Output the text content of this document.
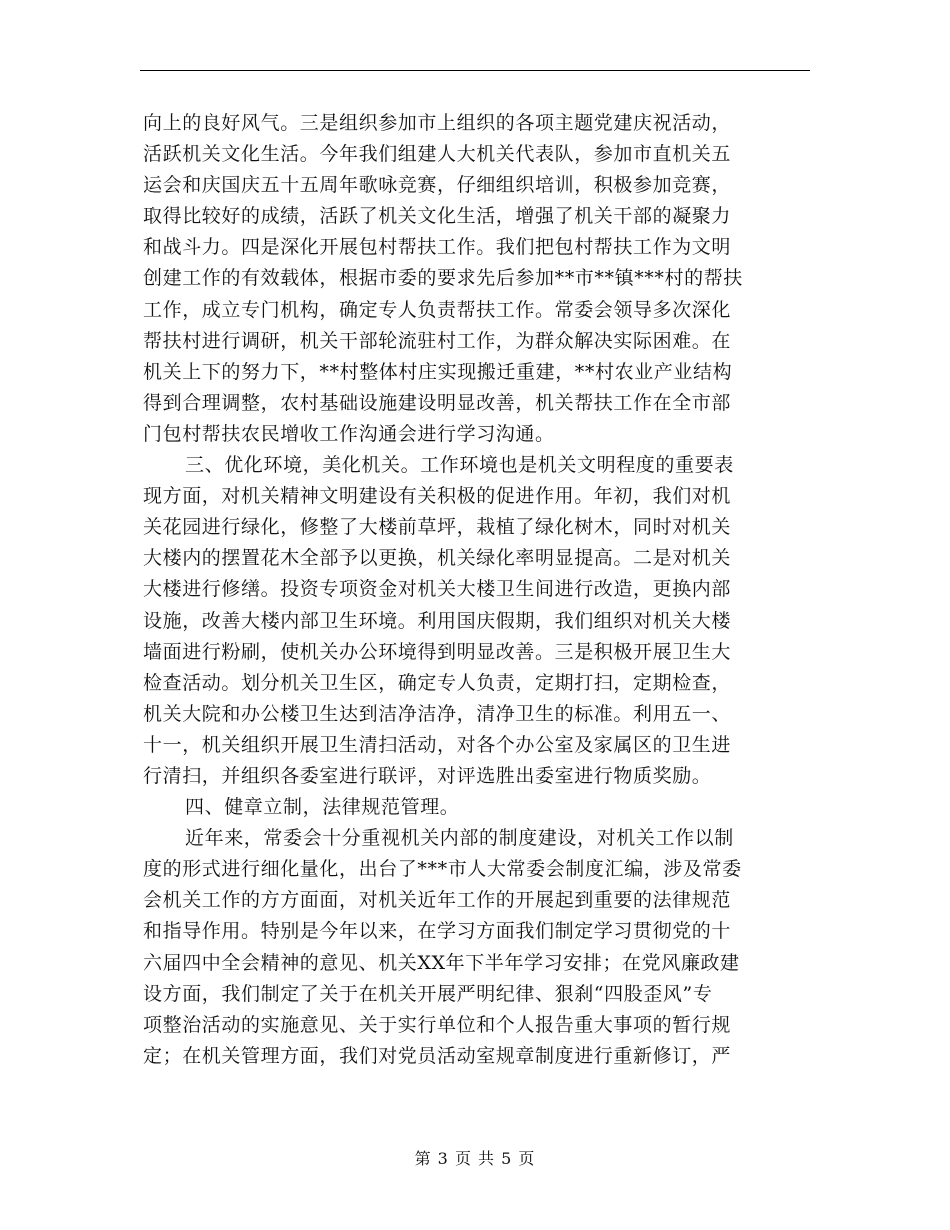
向上的良好风气。三是组织参加市上组织的各项主题党建庆祝活动，
活跃机关文化生活。今年我们组建人大机关代表队，参加市直机关五
运会和庆国庆五十五周年歌咏竞赛，仔细组织培训，积极参加竞赛，
取得比较好的成绩，活跃了机关文化生活，增强了机关干部的凝聚力
和战斗力。四是深化开展包村帮扶工作。我们把包村帮扶工作为文明
创建工作的有效载体，根据市委的要求先后参加**市**镇***村的帮扶
工作，成立专门机构，确定专人负责帮扶工作。常委会领导多次深化
帮扶村进行调研，机关干部轮流驻村工作，为群众解决实际困难。在
机关上下的努力下，**村整体村庄实现搬迁重建，**村农业产业结构
得到合理调整，农村基础设施建设明显改善，机关帮扶工作在全市部
门包村帮扶农民增收工作沟通会进行学习沟通。
三、优化环境，美化机关。工作环境也是机关文明程度的重要表
现方面，对机关精神文明建设有关积极的促进作用。年初，我们对机
关花园进行绿化，修整了大楼前草坪，栽植了绿化树木，同时对机关
大楼内的摆置花木全部予以更换，机关绿化率明显提高。二是对机关
大楼进行修缮。投资专项资金对机关大楼卫生间进行改造，更换内部
设施，改善大楼内部卫生环境。利用国庆假期，我们组织对机关大楼
墙面进行粉刷，使机关办公环境得到明显改善。三是积极开展卫生大
检查活动。划分机关卫生区，确定专人负责，定期打扫，定期检查，
机关大院和办公楼卫生达到洁净洁净，清净卫生的标准。利用五一、
十一，机关组织开展卫生清扫活动，对各个办公室及家属区的卫生进
行清扫，并组织各委室进行联评，对评选胜出委室进行物质奖励。
四、健章立制，法律规范管理。
近年来，常委会十分重视机关内部的制度建设，对机关工作以制
度的形式进行细化量化，出台了***市人大常委会制度汇编，涉及常委
会机关工作的方方面面，对机关近年工作的开展起到重要的法律规范
和指导作用。特别是今年以来，在学习方面我们制定学习贯彻党的十
六届四中全会精神的意见、机关XX年下半年学习安排；在党风廉政建
设方面，我们制定了关于在机关开展严明纪律、狠刹“四股歪风”专
项整治活动的实施意见、关于实行单位和个人报告重大事项的暂行规
定；在机关管理方面，我们对党员活动室规章制度进行重新修订，严
第 3 页 共 5 页
